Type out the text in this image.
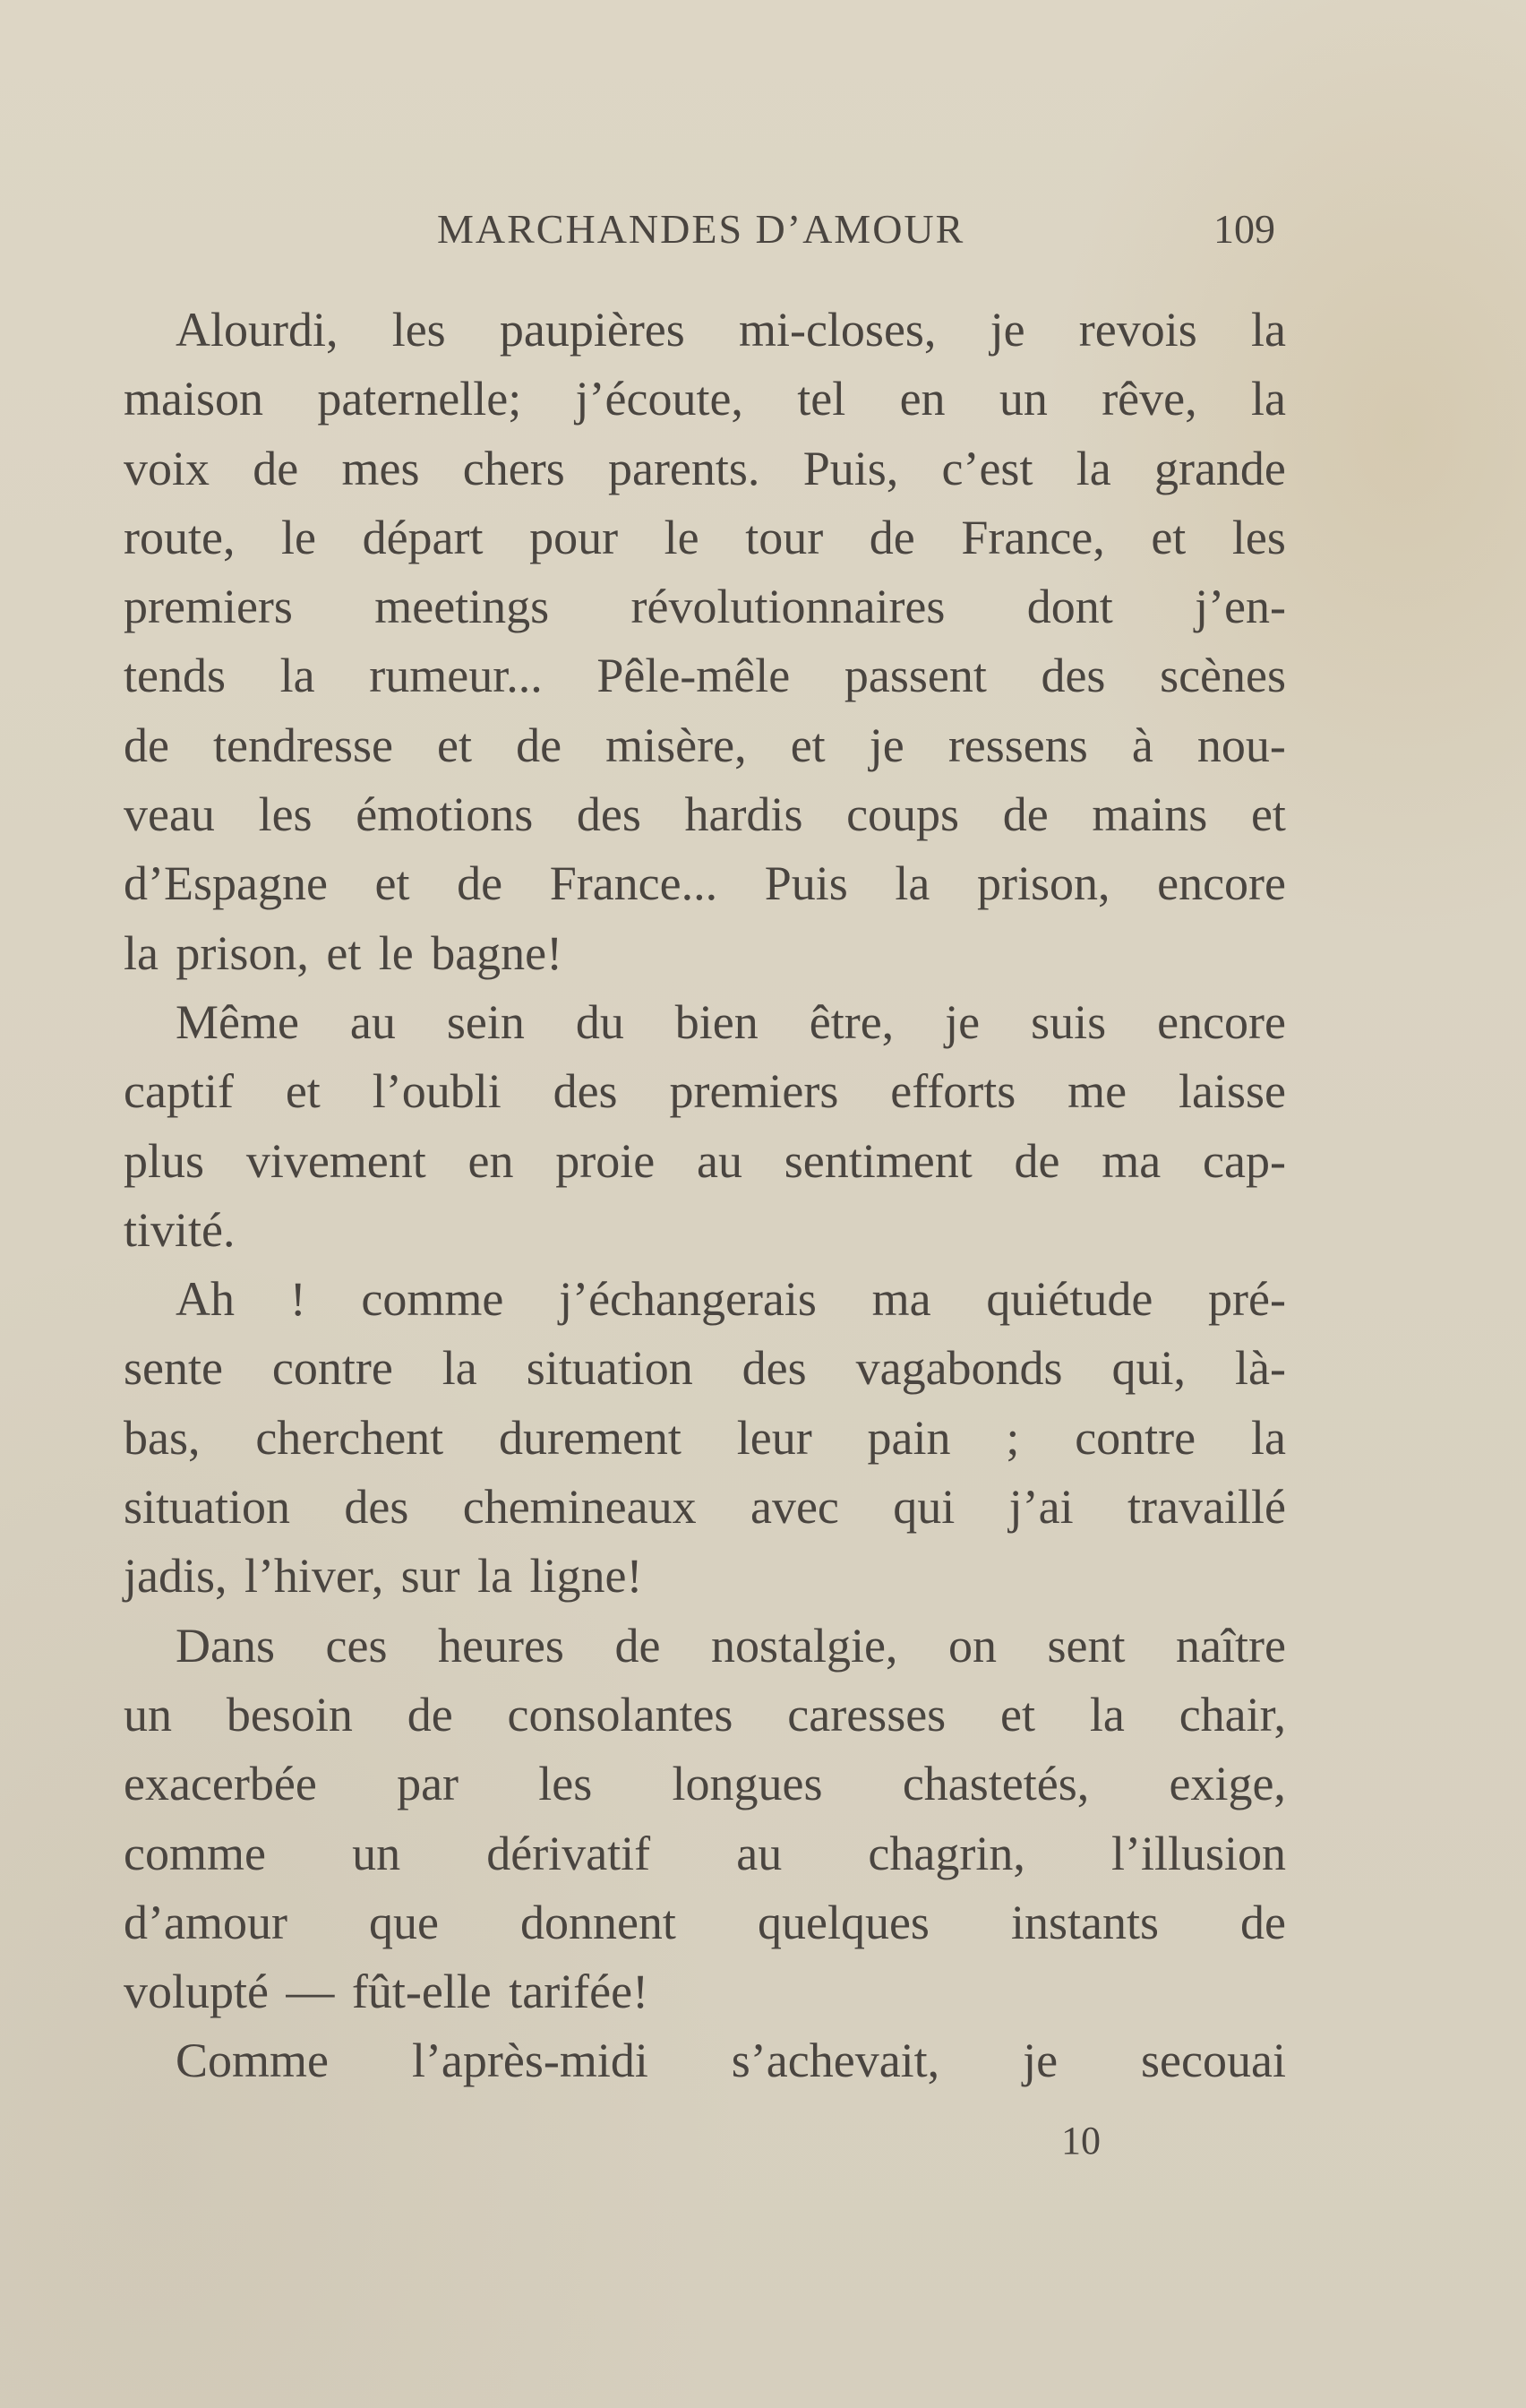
MARCHANDES D’AMOUR	109
Alourdi, les paupières mi-closes, je revois la
maison paternelle; j’écoute, tel en un rêve, la
voix de mes chers parents. Puis, c’est la grande
route, le départ pour le tour de France, et les
premiers meetings révolutionnaires dont j’en-
tends la rumeur... Pêle-mêle passent des scènes
de tendresse et de misère, et je ressens à nou-
veau les émotions des hardis coups de mains et
d’Espagne et de France... Puis la prison, encore
la prison, et le bagne!
Même au sein du bien être, je suis encore
captif et l’oubli des premiers efforts me laisse
plus vivement en proie au sentiment de ma cap-
tivité.
Ah ! comme j’échangerais ma quiétude pré-
sente contre la situation des vagabonds qui, là-
bas, cherchent durement leur pain ; contre la
situation des chemineaux avec qui j’ai travaillé
jadis, l’hiver, sur la ligne!
Dans ces heures de nostalgie, on sent naître
un besoin de consolantes caresses et la chair,
exacerbée par les longues chastetés, exige,
comme un dérivatif au chagrin, l’illusion
d’amour que donnent quelques instants de
volupté — fût-elle tarifée!
Comme l’après-midi s’achevait, je secouai
10
